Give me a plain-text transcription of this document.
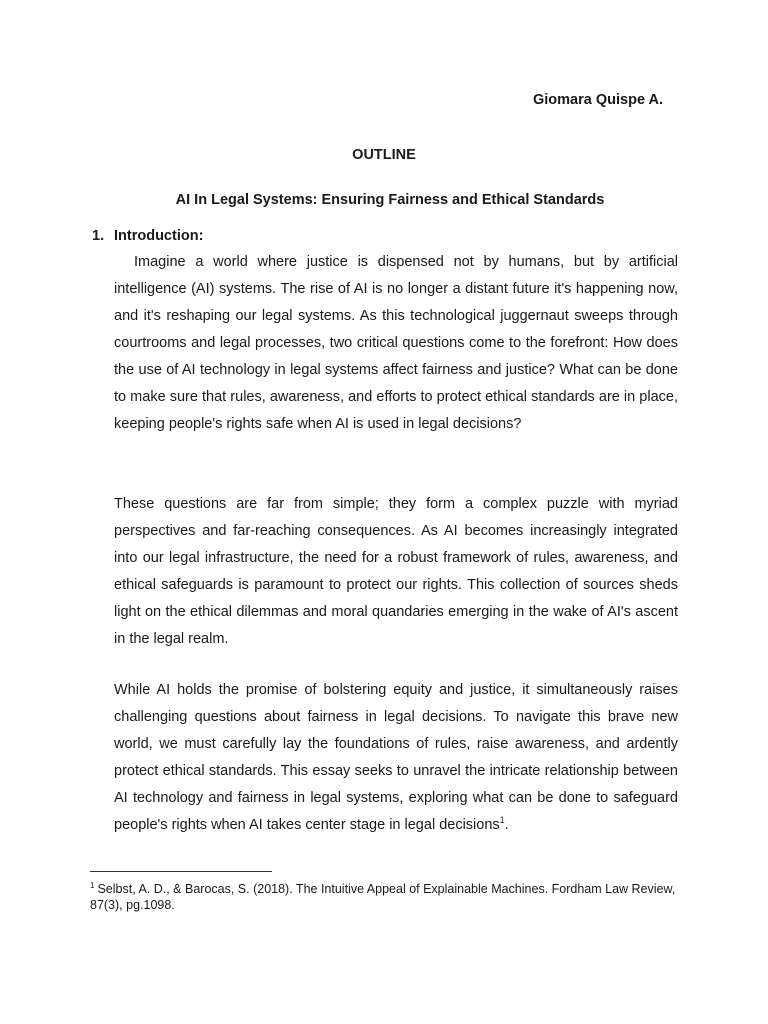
Giomara Quispe A.
OUTLINE
AI In Legal Systems: Ensuring Fairness and Ethical Standards
1. Introduction:
Imagine a world where justice is dispensed not by humans, but by artificial intelligence (AI) systems. The rise of AI is no longer a distant future it's happening now, and it's reshaping our legal systems. As this technological juggernaut sweeps through courtrooms and legal processes, two critical questions come to the forefront: How does the use of AI technology in legal systems affect fairness and justice? What can be done to make sure that rules, awareness, and efforts to protect ethical standards are in place, keeping people's rights safe when AI is used in legal decisions?
These questions are far from simple; they form a complex puzzle with myriad perspectives and far-reaching consequences. As AI becomes increasingly integrated into our legal infrastructure, the need for a robust framework of rules, awareness, and ethical safeguards is paramount to protect our rights. This collection of sources sheds light on the ethical dilemmas and moral quandaries emerging in the wake of AI's ascent in the legal realm.
While AI holds the promise of bolstering equity and justice, it simultaneously raises challenging questions about fairness in legal decisions. To navigate this brave new world, we must carefully lay the foundations of rules, raise awareness, and ardently protect ethical standards. This essay seeks to unravel the intricate relationship between AI technology and fairness in legal systems, exploring what can be done to safeguard people's rights when AI takes center stage in legal decisions$^1$.
$^1$ Selbst, A. D., & Barocas, S. (2018). The Intuitive Appeal of Explainable Machines. Fordham Law Review, 87(3), pg.1098.
